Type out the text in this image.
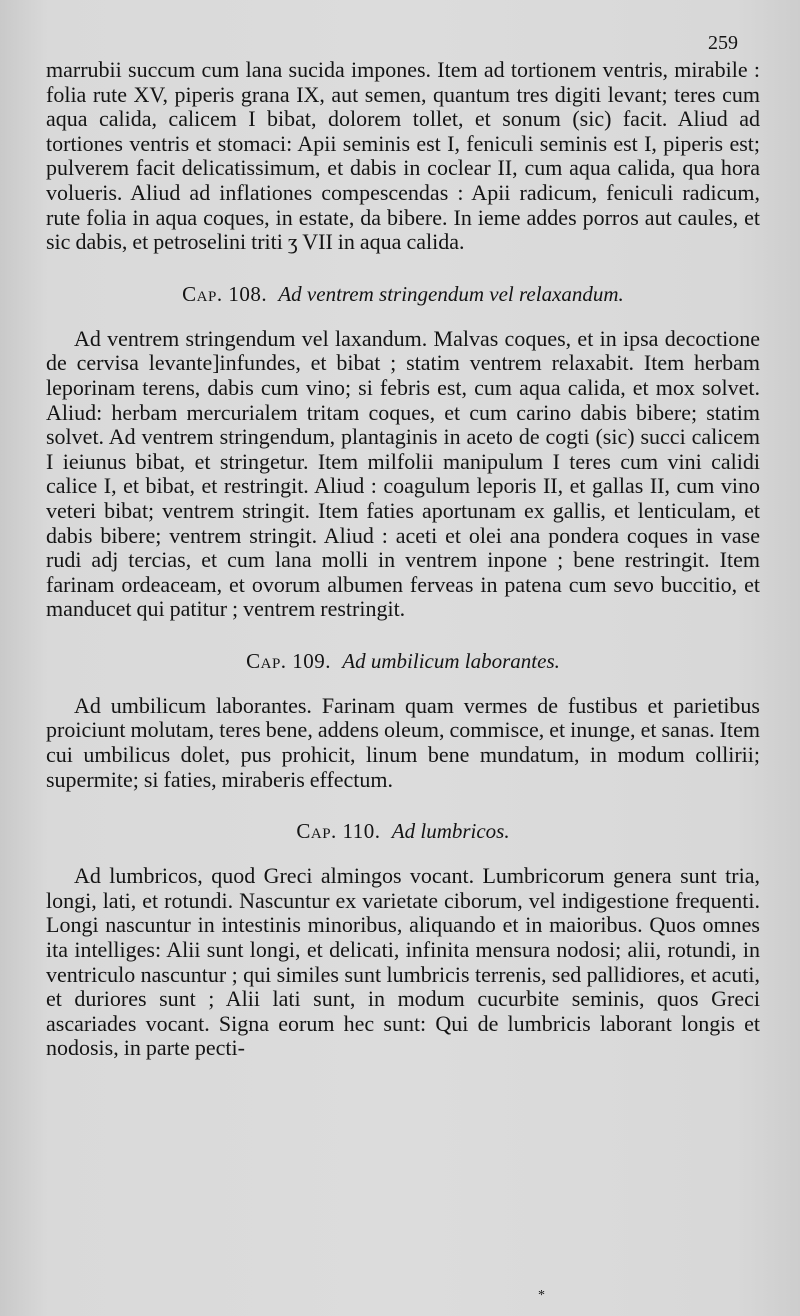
259

marrubii succum cum lana sucida impones. Item ad tortionem ventris, mirabile : folia rute XV, piperis grana IX, aut semen, quantum tres digiti levant; teres cum aqua calida, calicem I bibat, dolorem tollet, et sonum (sic) facit. Aliud ad tortiones ventris et stomaci: Apii seminis est I, feniculi seminis est I, piperis est; pulverem facit delicatissimum, et dabis in coclear II, cum aqua calida, qua hora volueris. Aliud ad inflationes compescendas : Apii radicum, feniculi radicum, rute folia in aqua coques, in estate, da bibere. In ieme addes porros aut caules, et sic dabis, et petroselini triti ʒ VII in aqua calida.

Cap. 108. Ad ventrem stringendum vel relaxandum.

Ad ventrem stringendum vel laxandum. Malvas coques, et in ipsa decoctione de cervisa levante]infundes, et bibat ; statim ventrem relaxabit. Item herbam leporinam terens, dabis cum vino; si febris est, cum aqua calida, et mox solvet. Aliud: herbam mercurialem tritam coques, et cum carino dabis bibere; statim solvet. Ad ventrem stringendum, plantaginis in aceto de cogti (sic) succi calicem I ieiunus bibat, et stringetur. Item milfolii manipulum I teres cum vini calidi calice I, et bibat, et restringit. Aliud : coagulum leporis II, et gallas II, cum vino veteri bibat; ventrem stringit. Item faties aportunam ex gallis, et lenticulam, et dabis bibere; ventrem stringit. Aliud : aceti et olei ana pondera coques in vase rudi adj tercias, et cum lana molli in ventrem inpone ; bene restringit. Item farinam ordeaceam, et ovorum albumen ferveas in patena cum sevo buccitio, et manducet qui patitur ; ventrem restringit.

Cap. 109. Ad umbilicum laborantes.

Ad umbilicum laborantes. Farinam quam vermes de fustibus et parietibus proiciunt molutam, teres bene, addens oleum, commisce, et inunge, et sanas. Item cui umbilicus dolet, pus prohicit, linum bene mundatum, in modum collirii; supermite; si faties, miraberis effectum.

Cap. 110. Ad lumbricos.

Ad lumbricos, quod Greci almingos vocant. Lumbricorum genera sunt tria, longi, lati, et rotundi. Nascuntur ex varietate ciborum, vel indigestione frequenti. Longi nascuntur in intestinis minoribus, aliquando et in maioribus. Quos omnes ita intelliges: Alii sunt longi, et delicati, infinita mensura nodosi; alii, rotundi, in ventriculo nascuntur ; qui similes sunt lumbricis terrenis, sed pallidiores, et acuti, et duriores sunt ; Alii lati sunt, in modum cucurbite seminis, quos Greci ascariades vocant. Signa eorum hec sunt: Qui de lumbricis laborant longis et nodosis, in parte pecti-

*
